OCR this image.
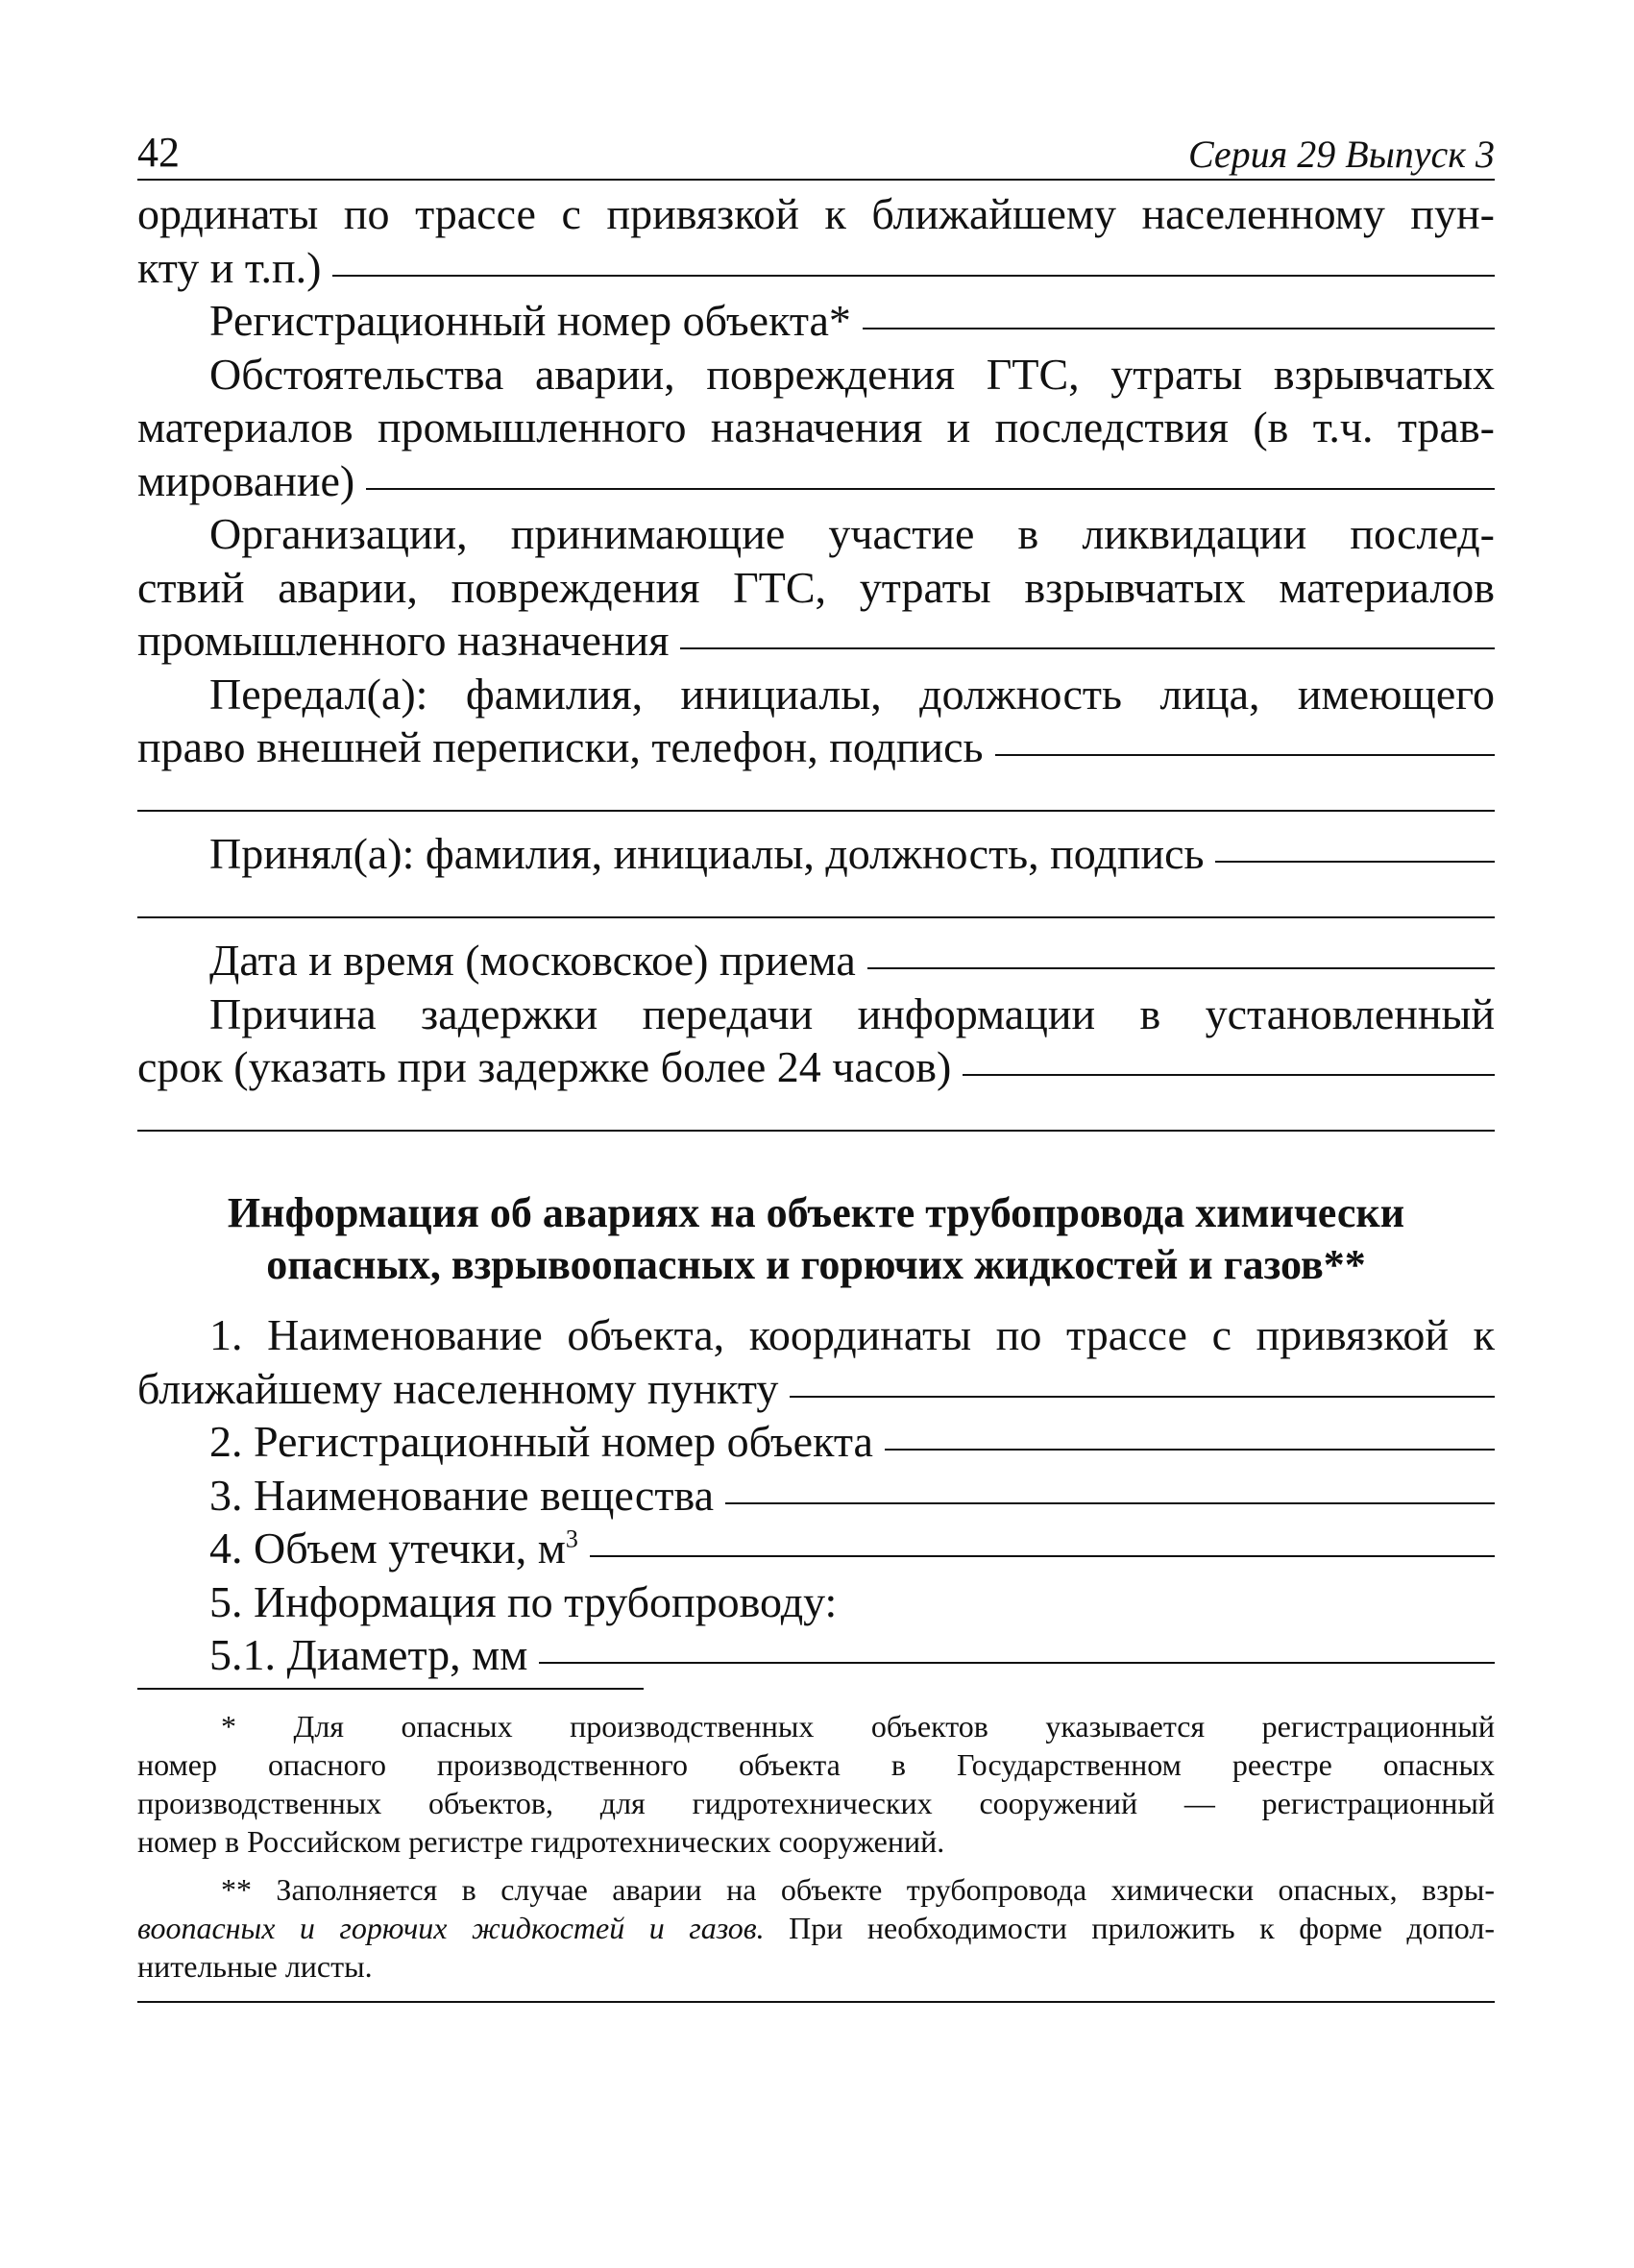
42	Серия 29 Выпуск 3

ординаты по трассе с привязкой к ближайшему населенному пун-

кту и т.п.)
Регистрационный номер объекта*

Обстоятельства аварии, повреждения ГТС, утраты взрывчатых

материалов промышленного назначения и последствия (в т.ч. трав-

мирование)

Организации, принимающие участие в ликвидации послед-

ствий аварии, повреждения ГТС, утраты взрывчатых материалов

промышленного назначения

Передал(а): фамилия, инициалы, должность лица, имеющего

право внешней переписки, телефон, подпись
Принял(а): фамилия, инициалы, должность, подпись
Дата и время (московское) приема

Причина задержки передачи информации в установленный

срок (указать при задержке более 24 часов)

Информация об авариях на объекте трубопровода химически

опасных, взрывоопасных и горючих жидкостей и газов**

1. Наименование объекта, координаты по трассе с привязкой к

ближайшему населенному пункту
2. Регистрационный номер объекта
3. Наименование вещества
4. Объем утечки, $м^3$
5. Информация по трубопроводу:
5.1. Диаметр, мм

* Для опасных производственных объектов указывается регистрационный

номер опасного производственного объекта в Государственном реестре опасных

производственных объектов, для гидротехнических сооружений — регистрационный

номер в Российском регистре гидротехнических сооружений.

** Заполняется в случае аварии на объекте трубопровода химически опасных, взры-

воопасных и горючих жидкостей и газов. При необходимости приложить к форме допол-

нительные листы.
